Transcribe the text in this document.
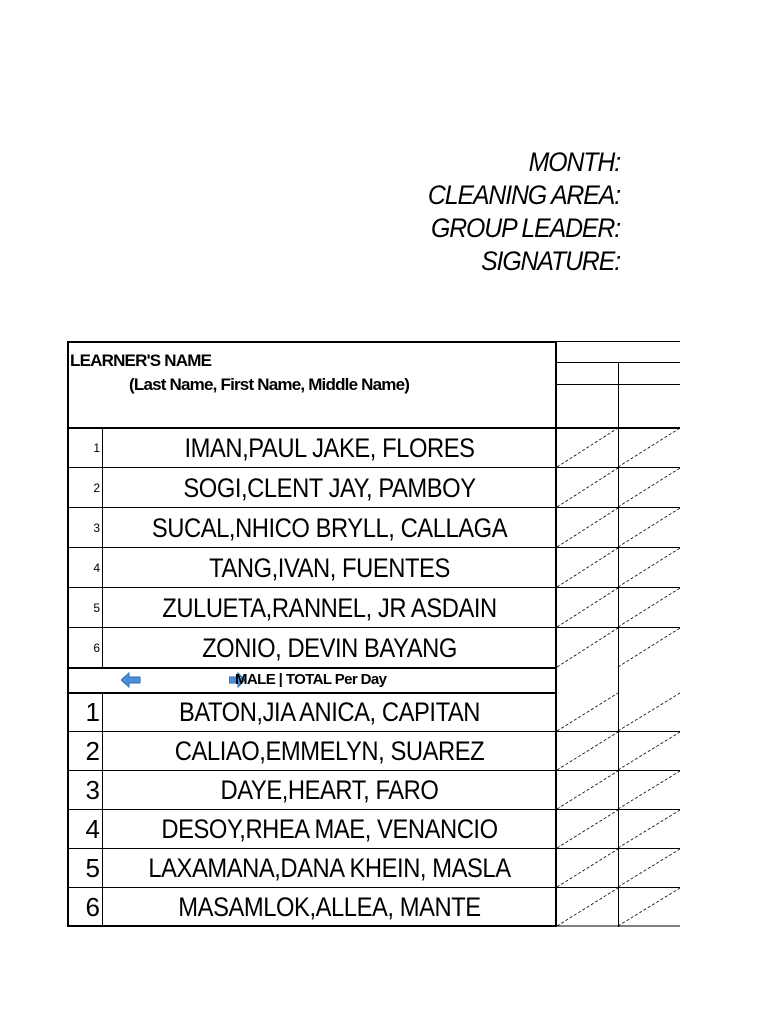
MONTH:
CLEANING AREA:
GROUP LEADER:
SIGNATURE:
LEARNER'S NAME
(Last Name, First Name, Middle Name)
1	IMAN,PAUL JAKE, FLORES
2	SOGI,CLENT JAY, PAMBOY
3	SUCAL,NHICO BRYLL, CALLAGA
4	TANG,IVAN, FUENTES
5	ZULUETA,RANNEL, JR ASDAIN
6	ZONIO, DEVIN BAYANG
MALE | TOTAL Per Day
1	BATON,JIA ANICA, CAPITAN
2	CALIAO,EMMELYN, SUAREZ
3	DAYE,HEART, FARO
4	DESOY,RHEA MAE, VENANCIO
5	LAXAMANA,DANA KHEIN, MASLA
6	MASAMLOK,ALLEA, MANTE
